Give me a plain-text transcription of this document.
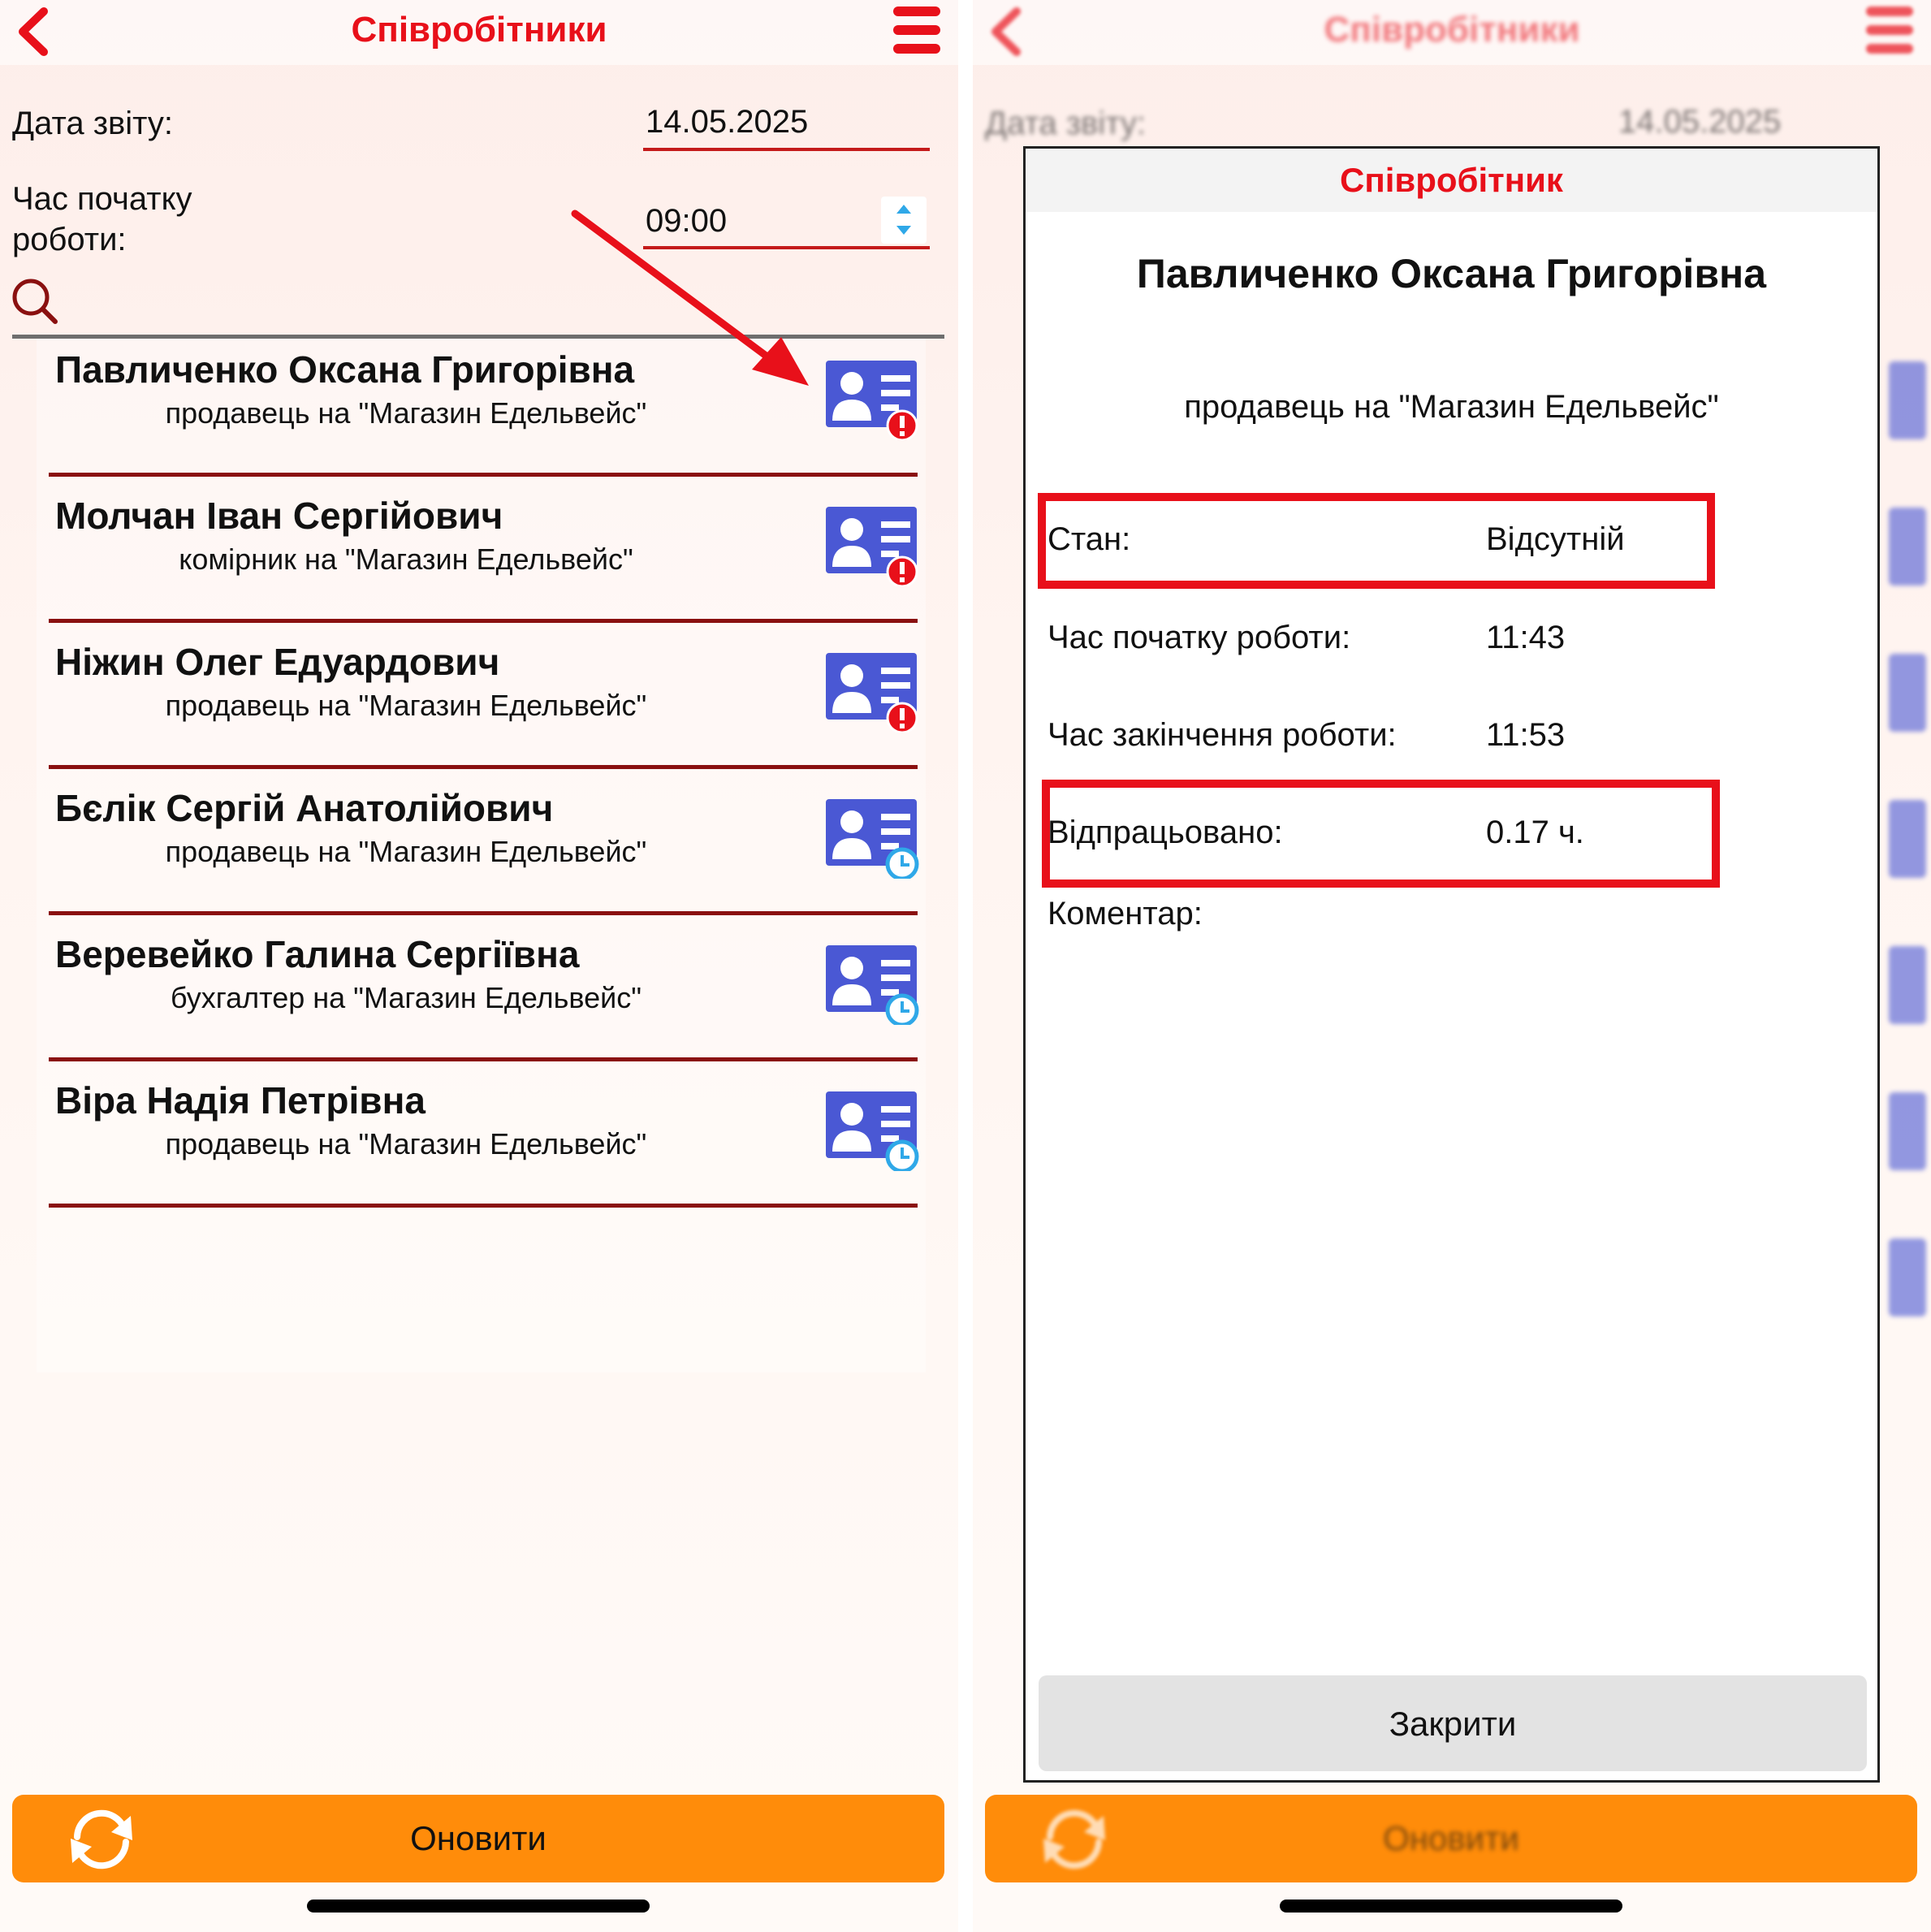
Співробітники
Дата звіту:	14.05.2025
Час початку
роботи:
09:00
Павличенко Оксана Григорівна
продавець на "Магазин Едельвейс"
Молчан Іван Сергійович
комірник на "Магазин Едельвейс"
Ніжин Олег Едуардович
продавець на "Магазин Едельвейс"
Бєлік Сергій Анатолійович
продавець на "Магазин Едельвейс"
Веревейко Галина Сергіївна
бухгалтер на "Магазин Едельвейс"
Віра Надія Петрівна
продавець на "Магазин Едельвейс"
Оновити
Співробітники
Дата звіту:	14.05.2025
Оновити
Співробітник
Павличенко Оксана Григорівна
продавець на "Магазин Едельвейс"
Стан:	Відсутній
Час початку роботи:	11:43
Час закінчення роботи:	11:53
Відпрацьовано:	0.17 ч.
Коментар:
Закрити
